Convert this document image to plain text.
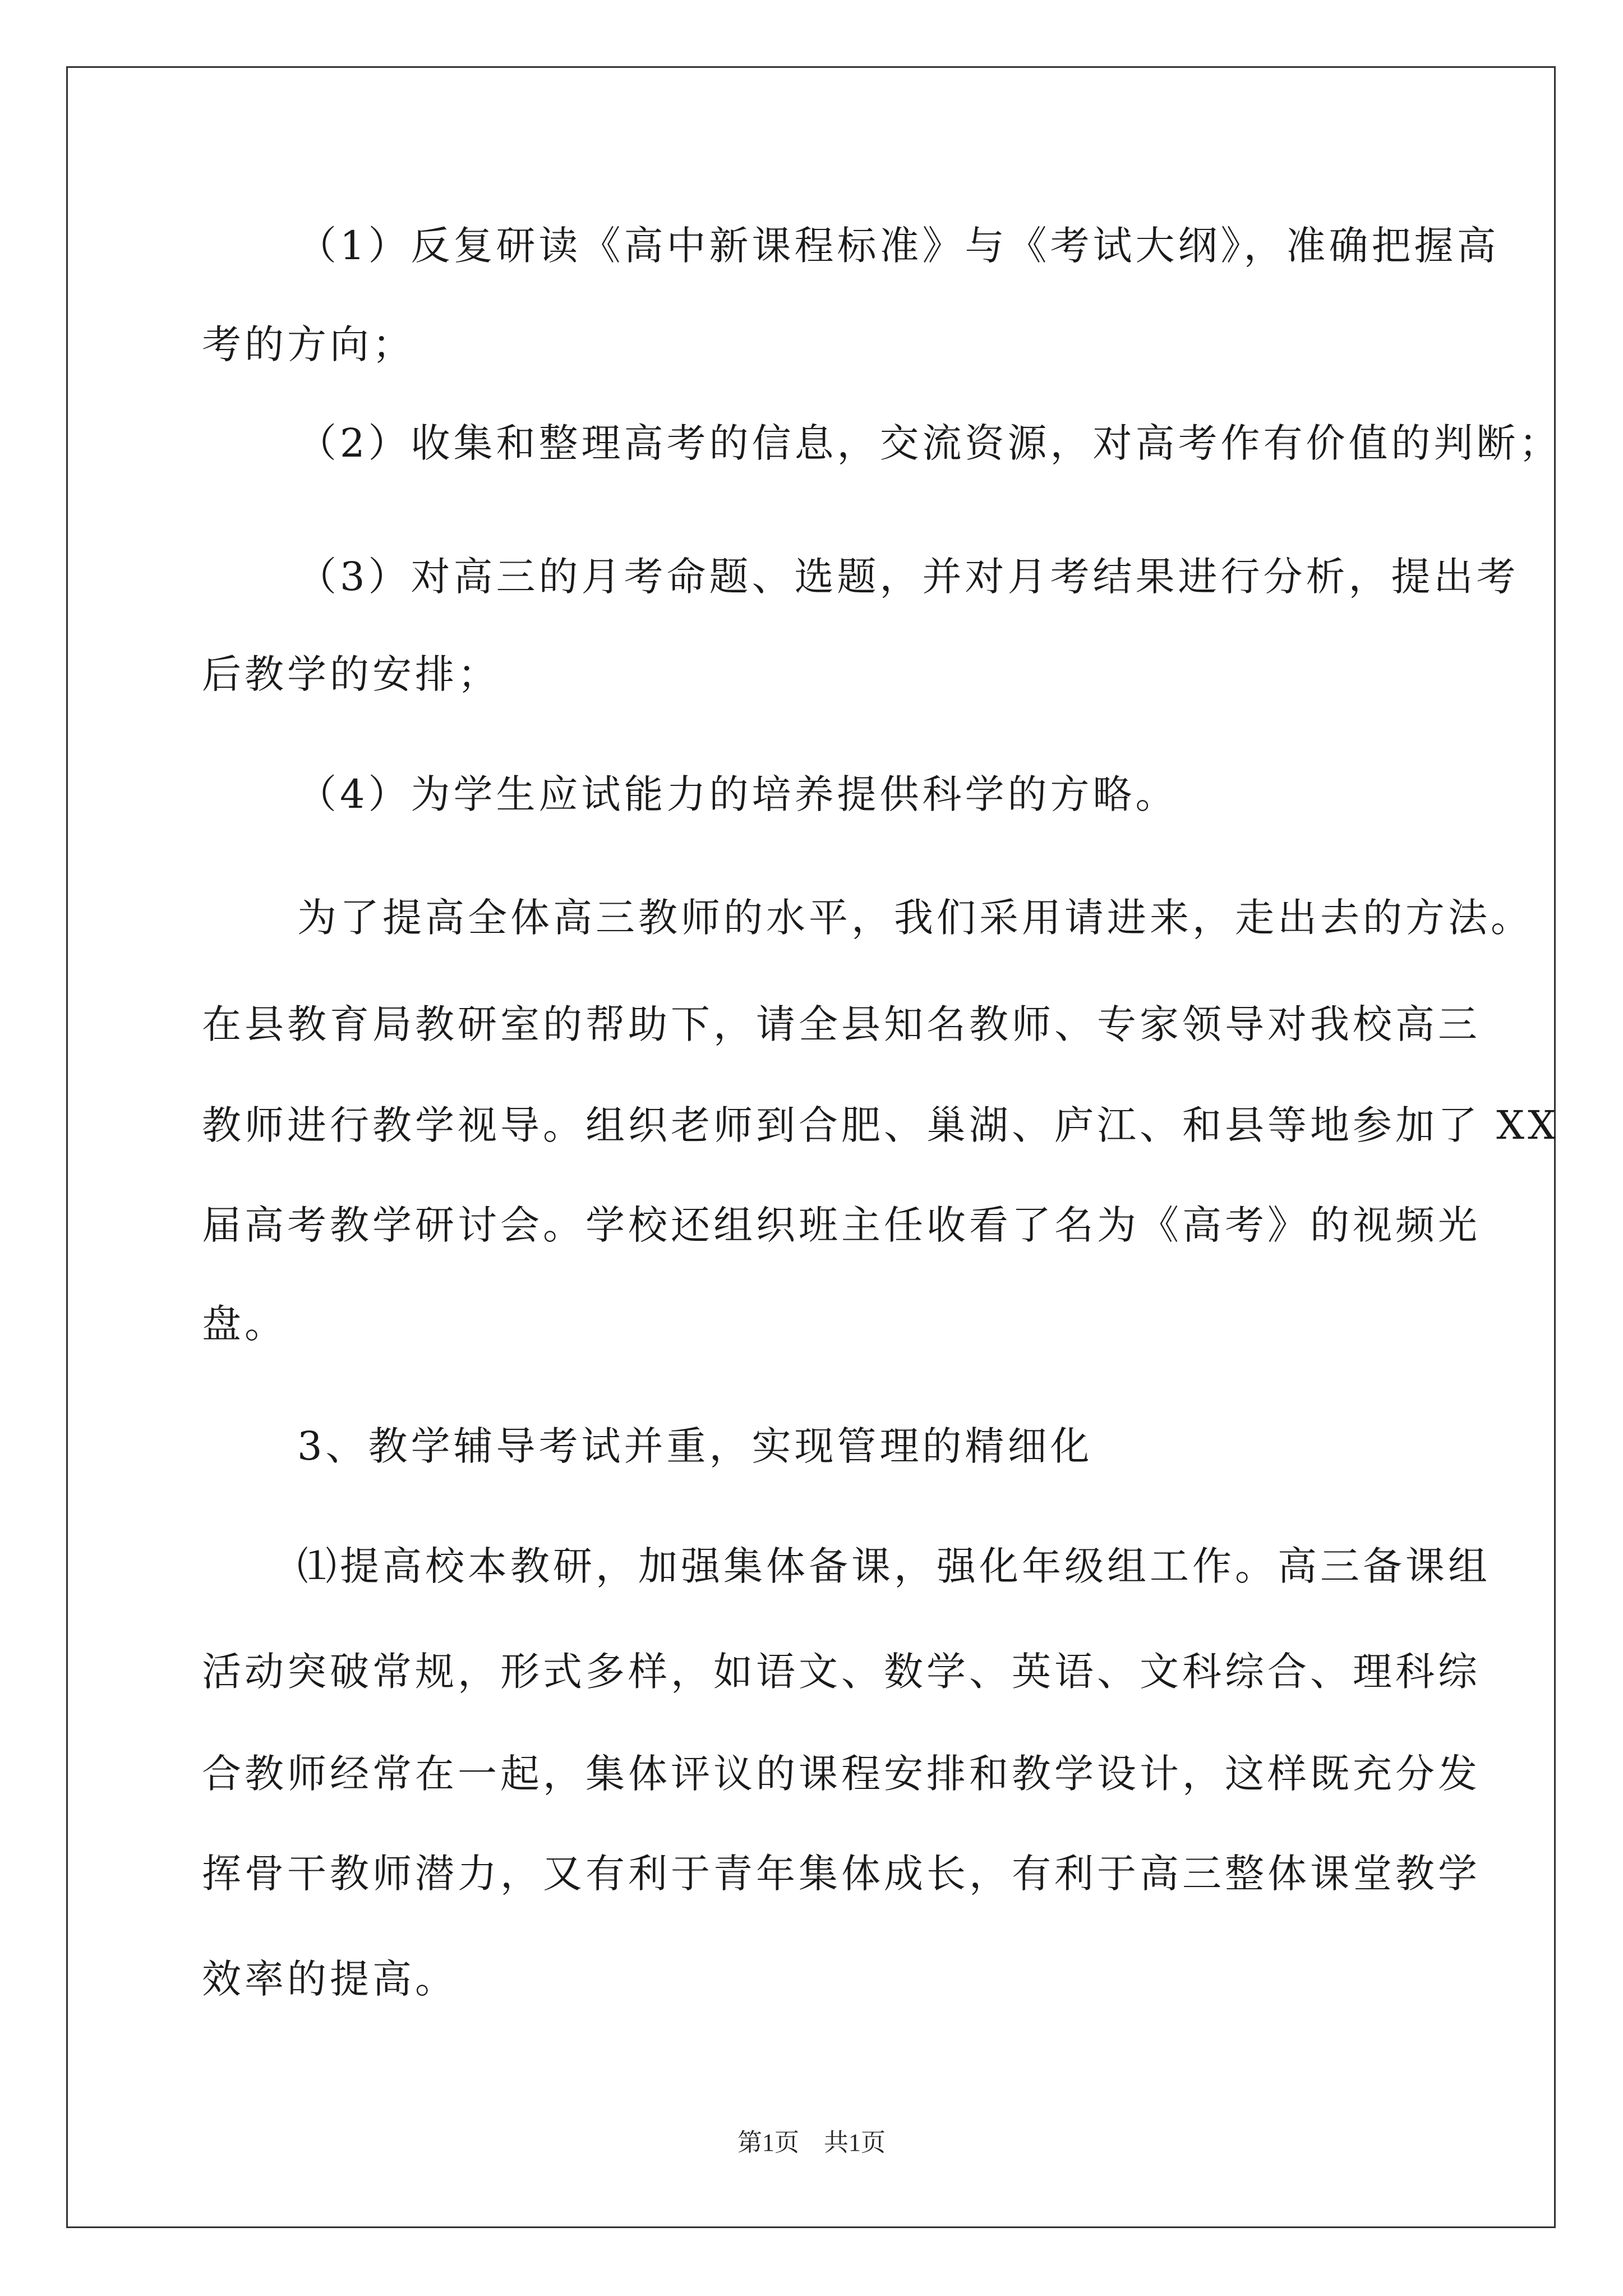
（1）反复研读《高中新课程标准》与《考试大纲》，准确把握高
考的方向；
（2）收集和整理高考的信息，交流资源，对高考作有价值的判断；
（3）对高三的月考命题、选题，并对月考结果进行分析，提出考
后教学的安排；
（4）为学生应试能力的培养提供科学的方略。
为了提高全体高三教师的水平，我们采用请进来，走出去的方法。
在县教育局教研室的帮助下，请全县知名教师、专家领导对我校高三
教师进行教学视导。组织老师到合肥、巢湖、庐江、和县等地参加了 XX
届高考教学研讨会。学校还组织班主任收看了名为《高考》的视频光
盘。
3、教学辅导考试并重，实现管理的精细化
⑴提高校本教研，加强集体备课，强化年级组工作。高三备课组
活动突破常规，形式多样，如语文、数学、英语、文科综合、理科综
合教师经常在一起，集体评议的课程安排和教学设计，这样既充分发
挥骨干教师潜力，又有利于青年集体成长，有利于高三整体课堂教学
效率的提高。
第1页　共1页
